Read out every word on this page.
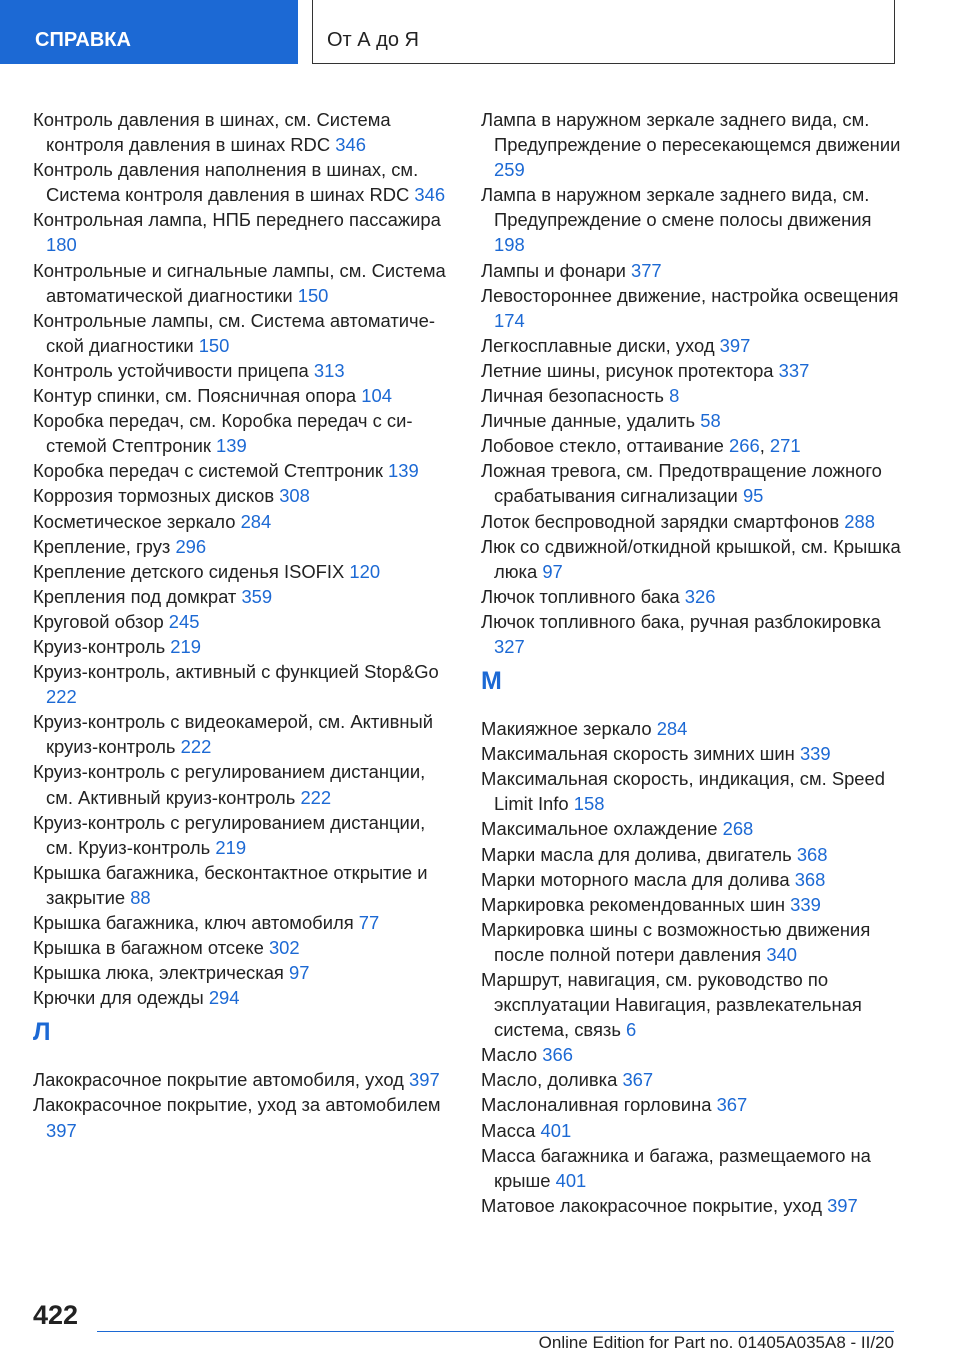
СПРАВКА	От А до Я

Контроль давления в шинах, см. Система контроля давления в шинах RDC 346

Контроль давления наполнения в шинах, см. Система контроля давления в шинах RDC 346

Контрольная лампа, НПБ переднего пассажира 180

Контрольные и сигнальные лампы, см. Система автоматической диагностики 150

Контрольные лампы, см. Система автоматической диагностики 150

Контроль устойчивости прицепа 313

Контур спинки, см. Поясничная опора 104

Коробка передач, см. Коробка передач с системой Стептроник 139

Коробка передач с системой Стептроник 139

Коррозия тормозных дисков 308

Косметическое зеркало 284

Крепление, груз 296

Крепление детского сиденья ISOFIX 120

Крепления под домкрат 359

Круговой обзор 245

Круиз-контроль 219

Круиз-контроль, активный с функцией Stop&Go 222

Круиз-контроль с видеокамерой, см. Активный круиз-контроль 222

Круиз-контроль с регулированием дистанции, см. Активный круиз-контроль 222

Круиз-контроль с регулированием дистанции, см. Круиз-контроль 219

Крышка багажника, бесконтактное открытие и закрытие 88

Крышка багажника, ключ автомобиля 77

Крышка в багажном отсеке 302

Крышка люка, электрическая 97

Крючки для одежды 294

Л

Лакокрасочное покрытие автомобиля, уход 397

Лакокрасочное покрытие, уход за автомобилем 397

Лампа в наружном зеркале заднего вида, см. Предупреждение о пересекающемся движении 259

Лампа в наружном зеркале заднего вида, см. Предупреждение о смене полосы движения 198

Лампы и фонари 377

Левостороннее движение, настройка освещения 174

Легкосплавные диски, уход 397

Летние шины, рисунок протектора 337

Личная безопасность 8

Личные данные, удалить 58

Лобовое стекло, оттаивание 266, 271

Ложная тревога, см. Предотвращение ложного срабатывания сигнализации 95

Лоток беспроводной зарядки смартфонов 288

Люк со сдвижной/откидной крышкой, см. Крышка люка 97

Лючок топливного бака 326

Лючок топливного бака, ручная разблокировка 327

М

Макияжное зеркало 284

Максимальная скорость зимних шин 339

Максимальная скорость, индикация, см. Speed Limit Info 158

Максимальное охлаждение 268

Марки масла для долива, двигатель 368

Марки моторного масла для долива 368

Маркировка рекомендованных шин 339

Маркировка шины с возможностью движения после полной потери давления 340

Маршрут, навигация, см. руководство по эксплуатации Навигация, развлекательная система, связь 6

Масло 366

Масло, доливка 367

Маслоналивная горловина 367

Масса 401

Масса багажника и багажа, размещаемого на крыше 401

Матовое лакокрасочное покрытие, уход 397

422
Online Edition for Part no. 01405A035A8 - II/20
